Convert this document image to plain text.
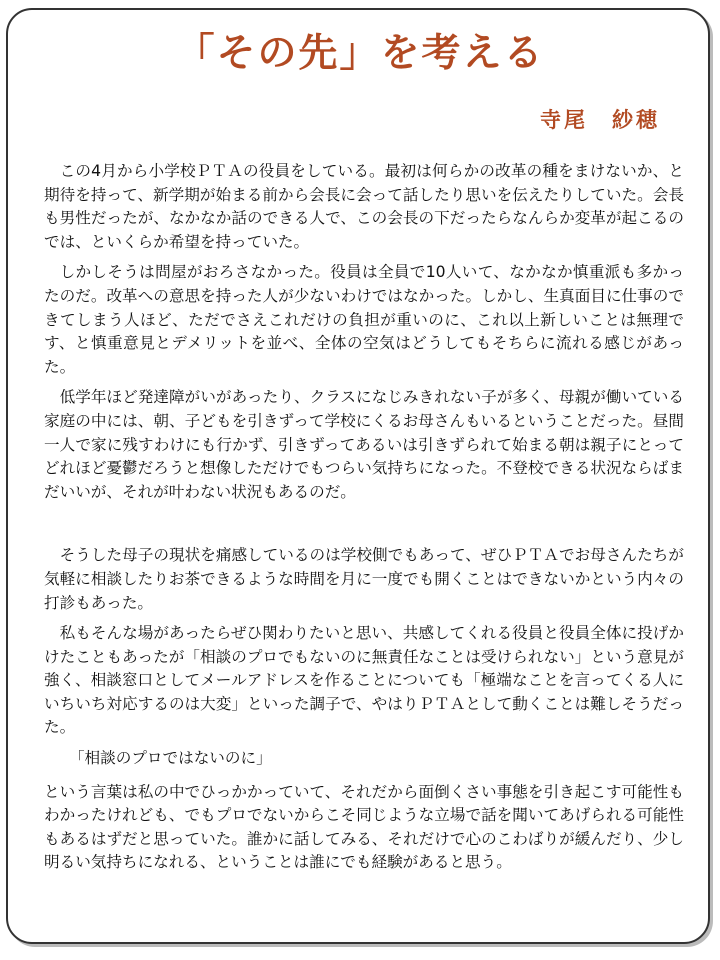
「その先」を考える
寺尾　紗穂

この4月から小学校ＰＴＡの役員をしている。最初は何らかの改革の種をまけないか、と期待を持って、新学期が始まる前から会長に会って話したり思いを伝えたりしていた。会長も男性だったが、なかなか話のできる人で、この会長の下だったらなんらか変革が起こるのでは、といくらか希望を持っていた。

しかしそうは問屋がおろさなかった。役員は全員で10人いて、なかなか慎重派も多かったのだ。改革への意思を持った人が少ないわけではなかった。しかし、生真面目に仕事のできてしまう人ほど、ただでさえこれだけの負担が重いのに、これ以上新しいことは無理です、と慎重意見とデメリットを並べ、全体の空気はどうしてもそちらに流れる感じがあった。

低学年ほど発達障がいがあったり、クラスになじみきれない子が多く、母親が働いている家庭の中には、朝、子どもを引きずって学校にくるお母さんもいるということだった。昼間一人で家に残すわけにも行かず、引きずってあるいは引きずられて始まる朝は親子にとってどれほど憂鬱だろうと想像しただけでもつらい気持ちになった。不登校できる状況ならばまだいいが、それが叶わない状況もあるのだ。

そうした母子の現状を痛感しているのは学校側でもあって、ぜひＰＴＡでお母さんたちが気軽に相談したりお茶できるような時間を月に一度でも開くことはできないかという内々の打診もあった。

私もそんな場があったらぜひ関わりたいと思い、共感してくれる役員と役員全体に投げかけたこともあったが「相談のプロでもないのに無責任なことは受けられない」という意見が強く、相談窓口としてメールアドレスを作ることについても「極端なことを言ってくる人にいちいち対応するのは大変」といった調子で、やはりＰＴＡとして動くことは難しそうだった。

「相談のプロではないのに」

という言葉は私の中でひっかかっていて、それだから面倒くさい事態を引き起こす可能性もわかったけれども、でもプロでないからこそ同じような立場で話を聞いてあげられる可能性もあるはずだと思っていた。誰かに話してみる、それだけで心のこわばりが緩んだり、少し明るい気持ちになれる、ということは誰にでも経験があると思う。
